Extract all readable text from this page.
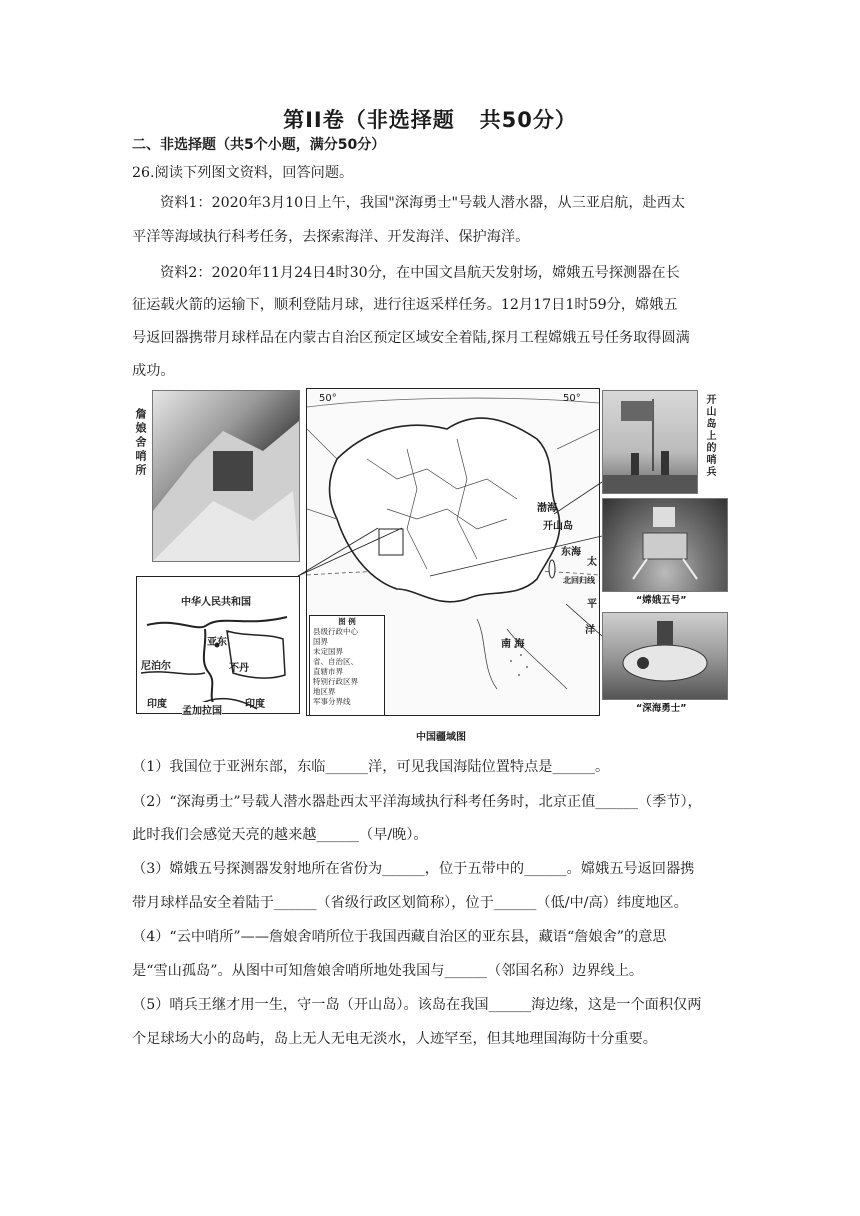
第II卷（非选择题   共50分）
二、非选择题（共5个小题，满分50分）
26.阅读下列图文资料，回答问题。
资料1：2020年3月10日上午，我国"深海勇士"号载人潜水器，从三亚启航，赴西太
平洋等海域执行科考任务，去探索海洋、开发海洋、保护海洋。
资料2：2020年11月24日4时30分，在中国文昌航天发射场，嫦娥五号探测器在长
征运载火箭的运输下，顺利登陆月球，进行往返采样任务。12月17日1时59分，嫦娥五
号返回器携带月球样品在内蒙古自治区预定区域安全着陆,探月工程嫦娥五号任务取得圆满
成功。
詹娘舍哨所
中华人民共和国
亚东
尼泊尔	不丹
印度	印度
孟加拉国
50°	50°
渤海
开山岛
东海
太
北回归线
平
洋
南 海
图 例
县级行政中心
国界
未定国界
省、自治区、
直辖市界
特别行政区界
地区界
军事分界线
开山岛上的哨兵
“嫦娥五号”
“深海勇士”
中国疆域图
（1）我国位于亚洲东部，东临______洋，可见我国海陆位置特点是______。
（2）“深海勇士”号载人潜水器赴西太平洋海域执行科考任务时，北京正值______（季节），
此时我们会感觉天亮的越来越______（早/晚）。
（3）嫦娥五号探测器发射地所在省份为______，位于五带中的______。嫦娥五号返回器携
带月球样品安全着陆于______（省级行政区划简称），位于______（低/中/高）纬度地区。
（4）“云中哨所”——詹娘舍哨所位于我国西藏自治区的亚东县，藏语“詹娘舍”的意思
是“雪山孤岛”。从图中可知詹娘舍哨所地处我国与______（邻国名称）边界线上。
（5）哨兵王继才用一生，守一岛（开山岛）。该岛在我国______海边缘，这是一个面积仅两
个足球场大小的岛屿，岛上无人无电无淡水，人迹罕至，但其地理国海防十分重要。
